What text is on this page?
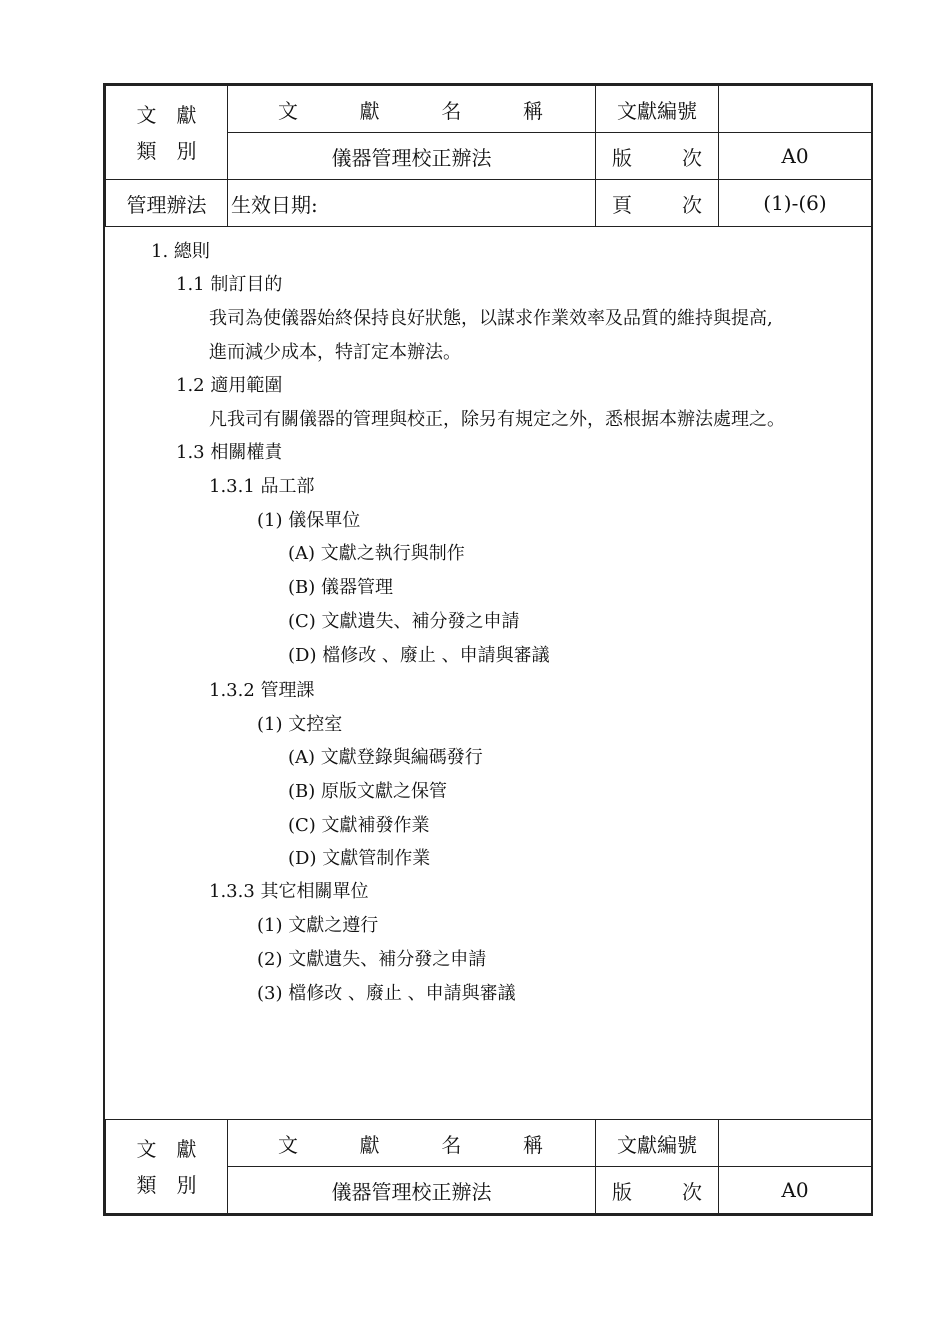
文　獻
類　別	文 獻 名 稱	文獻編號	
	儀器管理校正辦法	版 次	A0
管理辦法	生效日期:	頁 次	(1)-(6)
1. 總則
1.1 制訂目的
我司為使儀器始終保持良好狀態，以謀求作業效率及品質的維持與提高,
進而減少成本，特訂定本辦法。
1.2 適用範圍
凡我司有關儀器的管理與校正，除另有規定之外，悉根据本辦法處理之。
1.3 相關權責
1.3.1 品工部
(1) 儀保單位
(A) 文獻之執行與制作
(B) 儀器管理
(C) 文獻遺失、補分發之申請
(D) 檔修改 、廢止 、申請與審議
1.3.2 管理課
(1) 文控室
(A) 文獻登錄與編碼發行
(B) 原版文獻之保管
(C) 文獻補發作業
(D) 文獻管制作業
1.3.3 其它相關單位
(1) 文獻之遵行
(2) 文獻遺失、補分發之申請
(3) 檔修改 、廢止 、申請與審議
文　獻
類　別	文 獻 名 稱	文獻編號	
	儀器管理校正辦法	版 次	A0
